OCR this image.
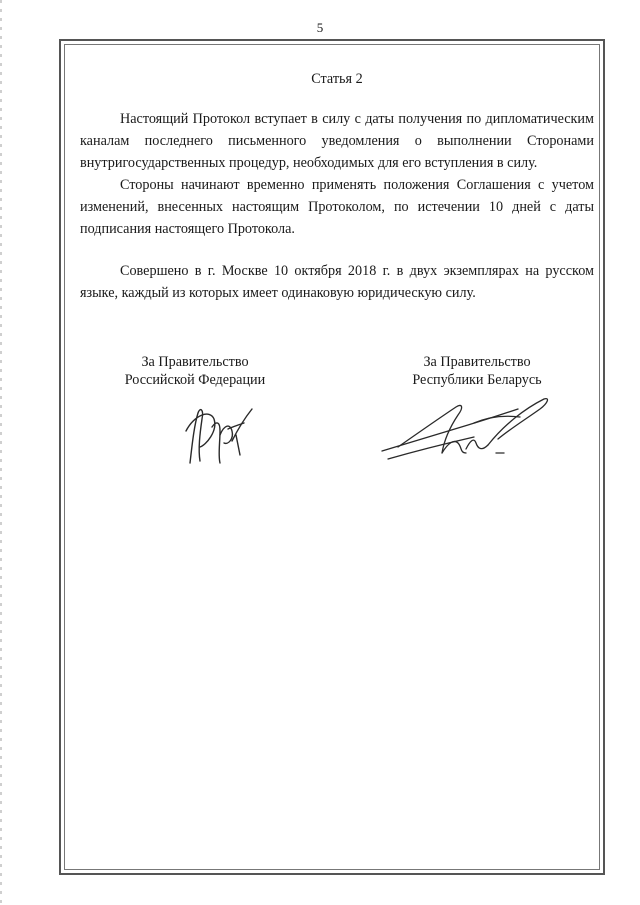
5
Статья 2

Настоящий Протокол вступает в силу с даты получения по дипломатическим каналам последнего письменного уведомления о выполнении Сторонами внутригосударственных процедур, необходимых для его вступления в силу.

Стороны начинают временно применять положения Соглашения с учетом изменений, внесенных настоящим Протоколом, по истечении 10 дней с даты подписания настоящего Протокола.

Совершено в г. Москве 10 октября 2018 г. в двух экземплярах на русском языке, каждый из которых имеет одинаковую юридическую силу.

За Правительство
Российской Федерации
За Правительство
Республики Беларусь
